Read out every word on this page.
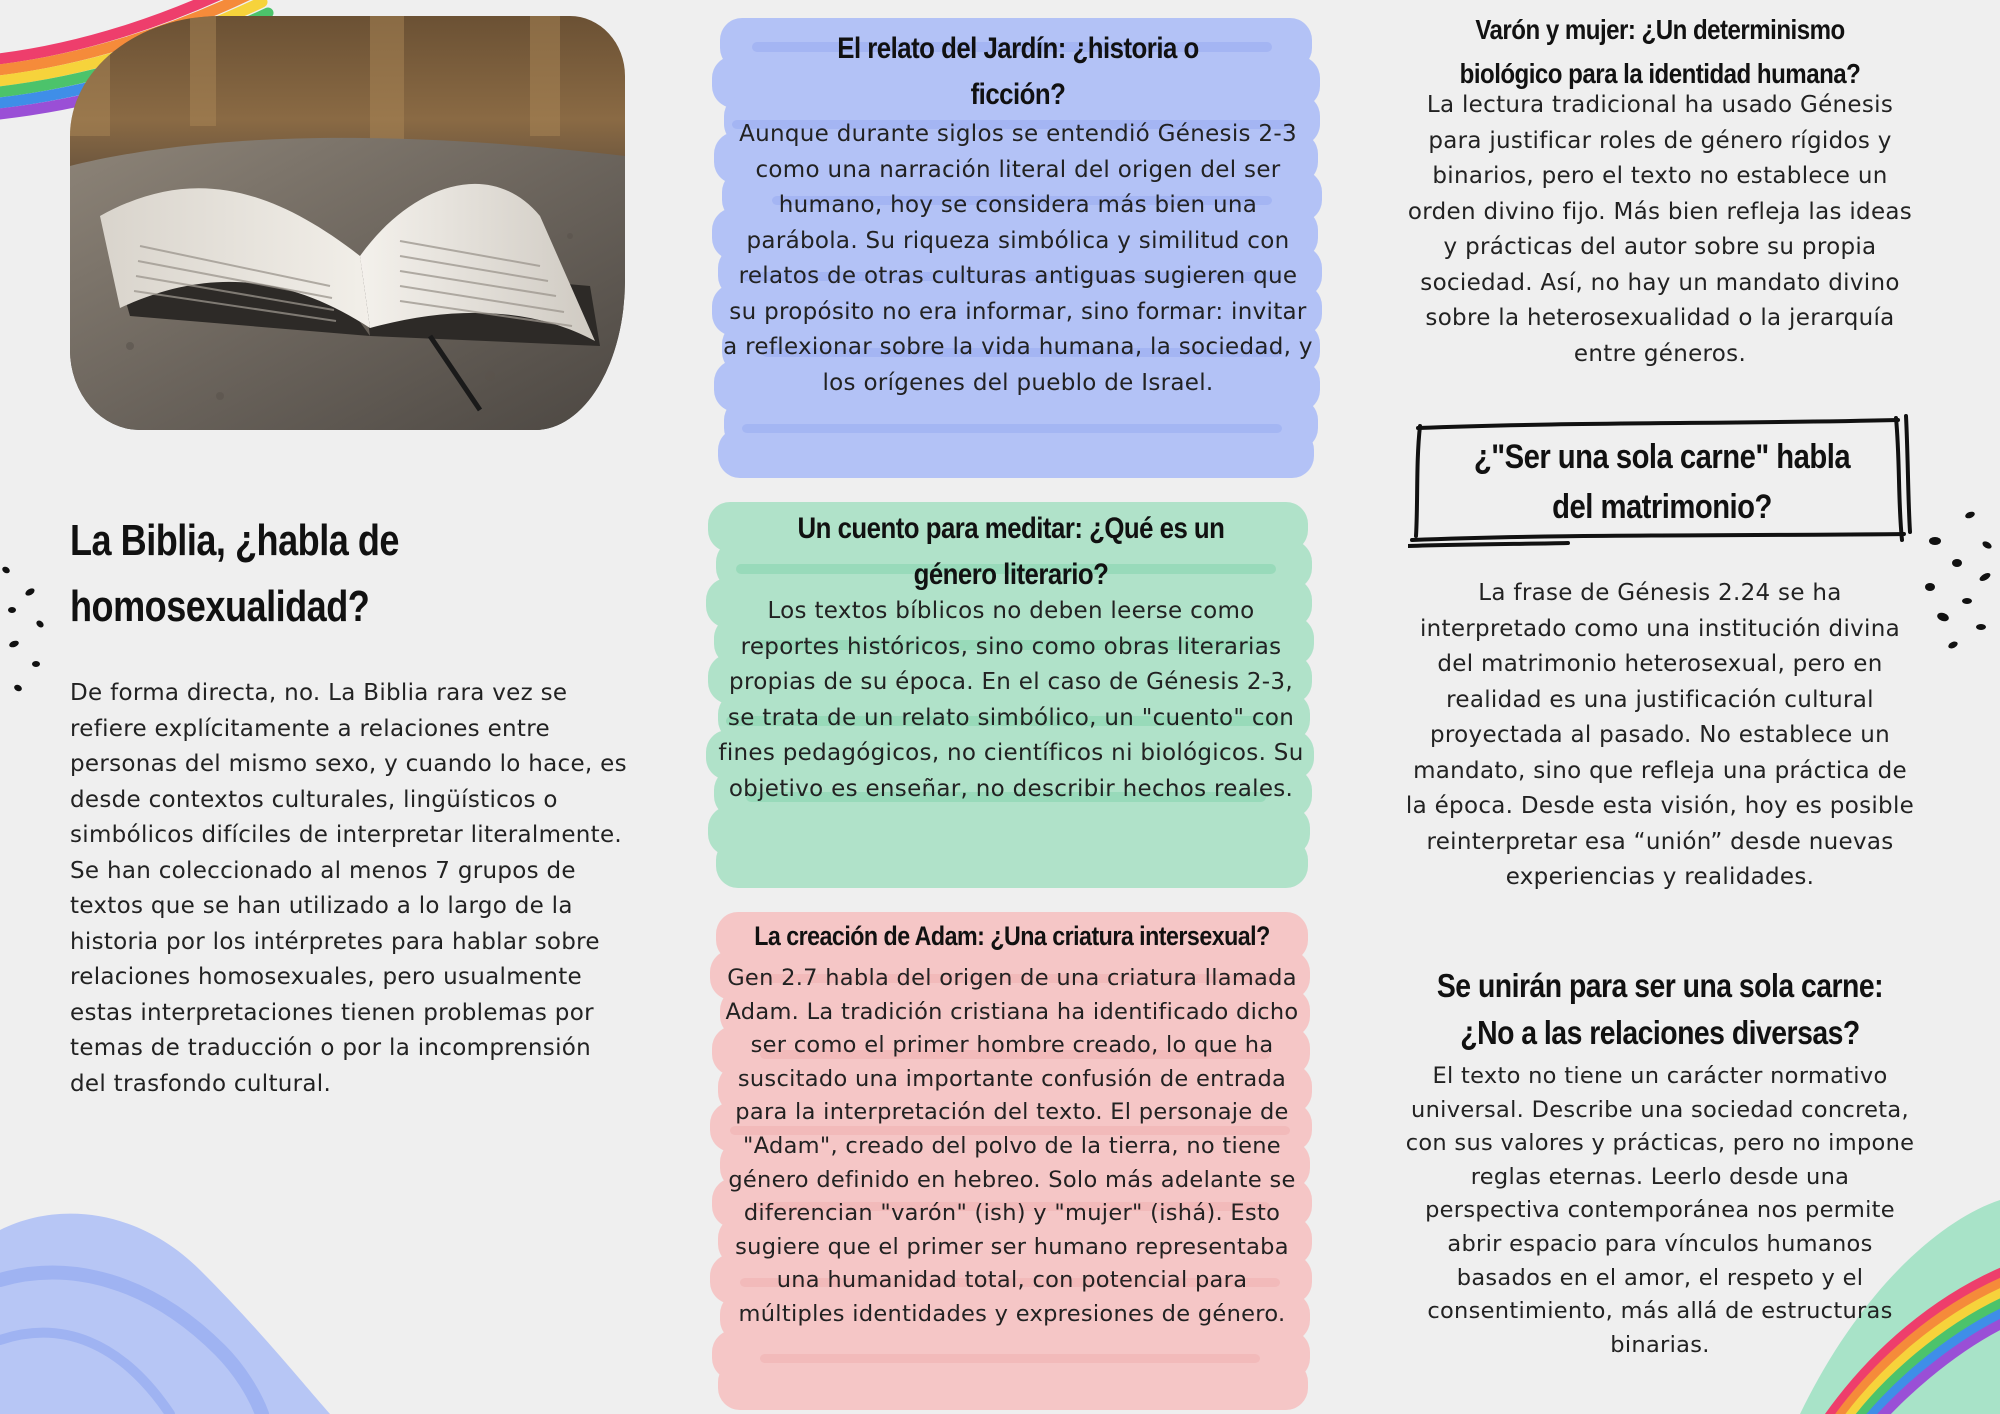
La Biblia, ¿habla de homosexualidad?
De forma directa, no. La Biblia rara vez se refiere explícitamente a relaciones entre personas del mismo sexo, y cuando lo hace, es desde contextos culturales, lingüísticos o simbólicos difíciles de interpretar literalmente. Se han coleccionado al menos 7 grupos de textos que se han utilizado a lo largo de la historia por los intérpretes para hablar sobre relaciones homosexuales, pero usualmente estas interpretaciones tienen problemas por temas de traducción o por la incomprensión del trasfondo cultural.
El relato del Jardín: ¿historia o ficción?
Aunque durante siglos se entendió Génesis 2-3 como una narración literal del origen del ser humano, hoy se considera más bien una parábola. Su riqueza simbólica y similitud con relatos de otras culturas antiguas sugieren que su propósito no era informar, sino formar: invitar a reflexionar sobre la vida humana, la sociedad, y los orígenes del pueblo de Israel.
Un cuento para meditar: ¿Qué es un género literario?
Los textos bíblicos no deben leerse como reportes históricos, sino como obras literarias propias de su época. En el caso de Génesis 2-3, se trata de un relato simbólico, un "cuento" con fines pedagógicos, no científicos ni biológicos. Su objetivo es enseñar, no describir hechos reales.
La creación de Adam: ¿Una criatura intersexual?
Gen 2.7 habla del origen de una criatura llamada Adam. La tradición cristiana ha identificado dicho ser como el primer hombre creado, lo que ha suscitado una importante confusión de entrada para la interpretación del texto. El personaje de "Adam", creado del polvo de la tierra, no tiene género definido en hebreo. Solo más adelante se diferencian "varón" (ish) y "mujer" (ishá). Esto sugiere que el primer ser humano representaba una humanidad total, con potencial para múltiples identidades y expresiones de género.
Varón y mujer: ¿Un determinismo biológico para la identidad humana?
La lectura tradicional ha usado Génesis para justificar roles de género rígidos y binarios, pero el texto no establece un orden divino fijo. Más bien refleja las ideas y prácticas del autor sobre su propia sociedad. Así, no hay un mandato divino sobre la heterosexualidad o la jerarquía entre géneros.
¿"Ser una sola carne" habla del matrimonio?
La frase de Génesis 2.24 se ha interpretado como una institución divina del matrimonio heterosexual, pero en realidad es una justificación cultural proyectada al pasado. No establece un mandato, sino que refleja una práctica de la época. Desde esta visión, hoy es posible reinterpretar esa “unión” desde nuevas experiencias y realidades.
Se unirán para ser una sola carne: ¿No a las relaciones diversas?
El texto no tiene un carácter normativo universal. Describe una sociedad concreta, con sus valores y prácticas, pero no impone reglas eternas. Leerlo desde una perspectiva contemporánea nos permite abrir espacio para vínculos humanos basados en el amor, el respeto y el consentimiento, más allá de estructuras binarias.
